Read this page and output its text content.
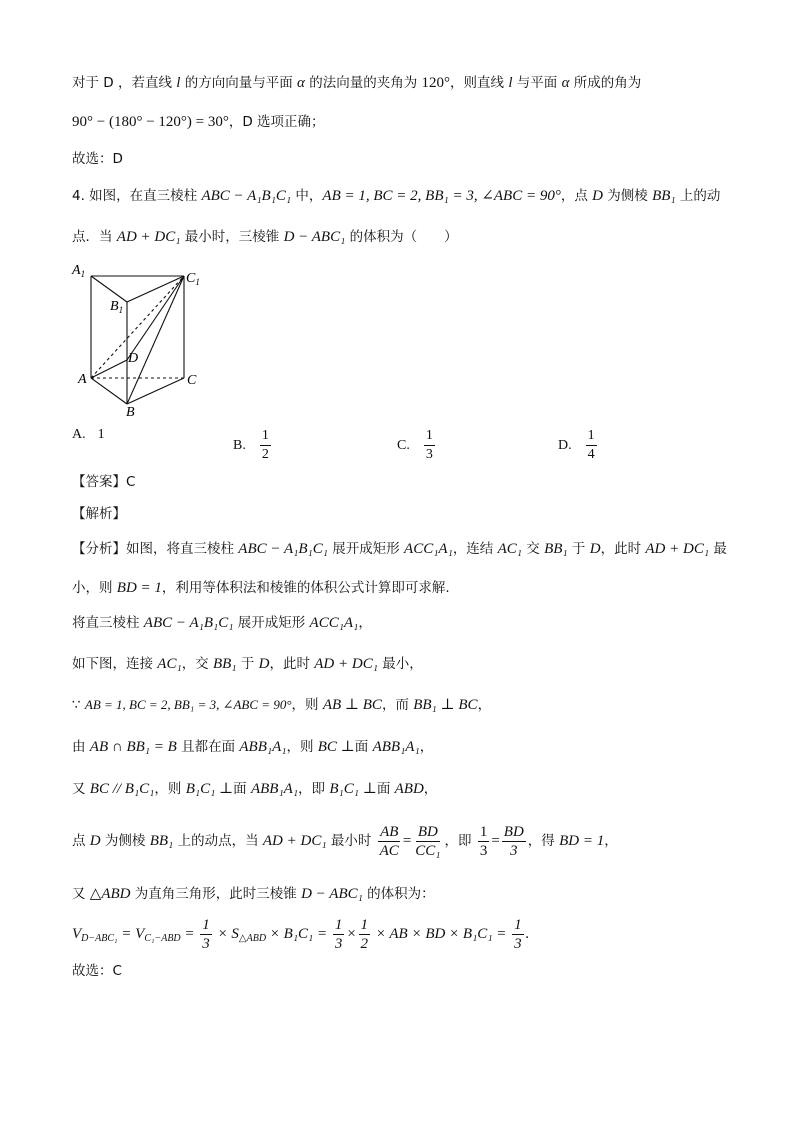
对于 D ，若直线 l 的方向向量与平面 α 的法向量的夹角为 120°，则直线 l 与平面 α 所成的角为
90° − (180° − 120°) = 30°，D 选项正确；
故选：D
4. 如图，在直三棱柱 ABC − A₁B₁C₁ 中，AB = 1, BC = 2, BB₁ = 3, ∠ABC = 90°，点 D 为侧棱 BB₁ 上的动
点．当 AD + DC₁ 最小时，三棱锥 D − ABC₁ 的体积为（　　）
$A_1$	$C_1$
$B_1$
D
A	C
B
A. 1
B. $\frac{1}{2}$	C. $\frac{1}{3}$	D. $\frac{1}{4}$
【答案】C
【解析】
【分析】如图，将直三棱柱 ABC − A₁B₁C₁ 展开成矩形 ACC₁A₁，连结 AC₁ 交 BB₁ 于 D，此时 AD + DC₁ 最
小，则 BD = 1，利用等体积法和棱锥的体积公式计算即可求解.
将直三棱柱 ABC − A₁B₁C₁ 展开成矩形 ACC₁A₁，
如下图，连接 AC₁，交 BB₁ 于 D，此时 AD + DC₁ 最小，
∵ AB = 1, BC = 2, BB₁ = 3, ∠ABC = 90°，则 AB ⊥ BC，而 BB₁ ⊥ BC，
由 AB ∩ BB₁ = B 且都在面 ABB₁A₁，则 BC ⊥面 ABB₁A₁，
又 BC // B₁C₁，则 B₁C₁ ⊥面 ABB₁A₁，即 B₁C₁ ⊥面 ABD，
点 D 为侧棱 BB₁ 上的动点，当 AD + DC₁ 最小时 $\frac{AB}{AC} = \frac{BD}{\text{CC₁}}$ ，即 $\frac{1}{3} = \frac{BD}{3}$ ，得 BD = 1，
又 △ABD 为直角三角形，此时三棱锥 D − ABC₁ 的体积为：
$V_{D-ABC_1} = V_{C_1-ABD} = \frac{1}{3} \times S_{\triangle ABD} \times B_1C_1 = \frac{1}{3} \times \frac{1}{2}$ × AB × BD × $B_1C_1 = \frac{1}{3}$ .
故选：C
